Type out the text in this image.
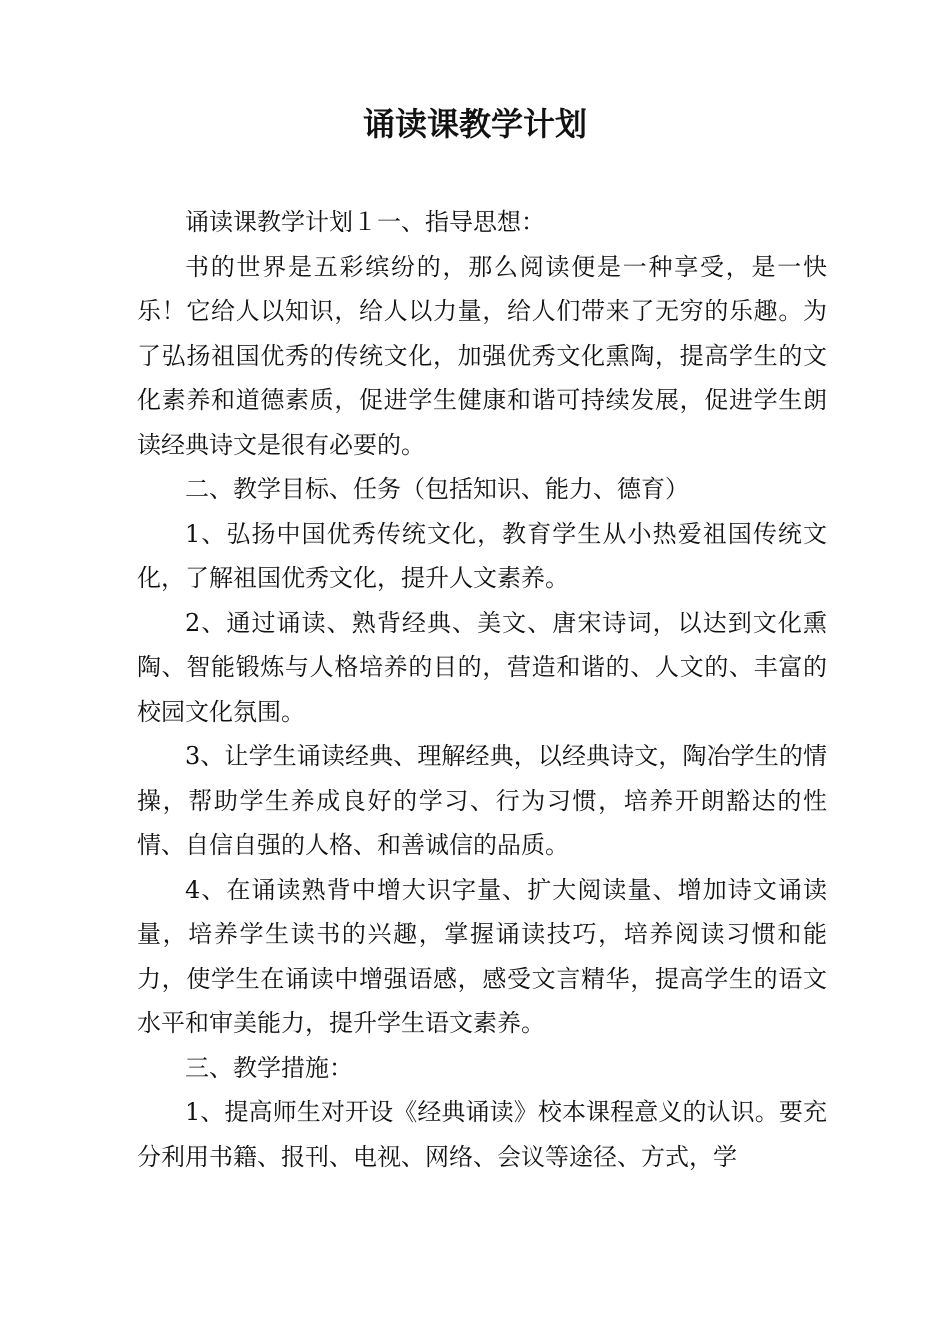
诵读课教学计划

诵读课教学计划１一、指导思想：

书的世界是五彩缤纷的，那么阅读便是一种享受，是一快乐！它给人以知识，给人以力量，给人们带来了无穷的乐趣。为了弘扬祖国优秀的传统文化，加强优秀文化熏陶，提高学生的文化素养和道德素质，促进学生健康和谐可持续发展，促进学生朗读经典诗文是很有必要的。

二、教学目标、任务（包括知识、能力、德育）

1、弘扬中国优秀传统文化，教育学生从小热爱祖国传统文化，了解祖国优秀文化，提升人文素养。

2、通过诵读、熟背经典、美文、唐宋诗词，以达到文化熏陶、智能锻炼与人格培养的目的，营造和谐的、人文的、丰富的校园文化氛围。

3、让学生诵读经典、理解经典，以经典诗文，陶冶学生的情操，帮助学生养成良好的学习、行为习惯，培养开朗豁达的性情、自信自强的人格、和善诚信的品质。

4、在诵读熟背中增大识字量、扩大阅读量、增加诗文诵读量，培养学生读书的兴趣，掌握诵读技巧，培养阅读习惯和能力，使学生在诵读中增强语感，感受文言精华，提高学生的语文水平和审美能力，提升学生语文素养。

三、教学措施：

1、提高师生对开设《经典诵读》校本课程意义的认识。要充分利用书籍、报刊、电视、网络、会议等途径、方式，学
